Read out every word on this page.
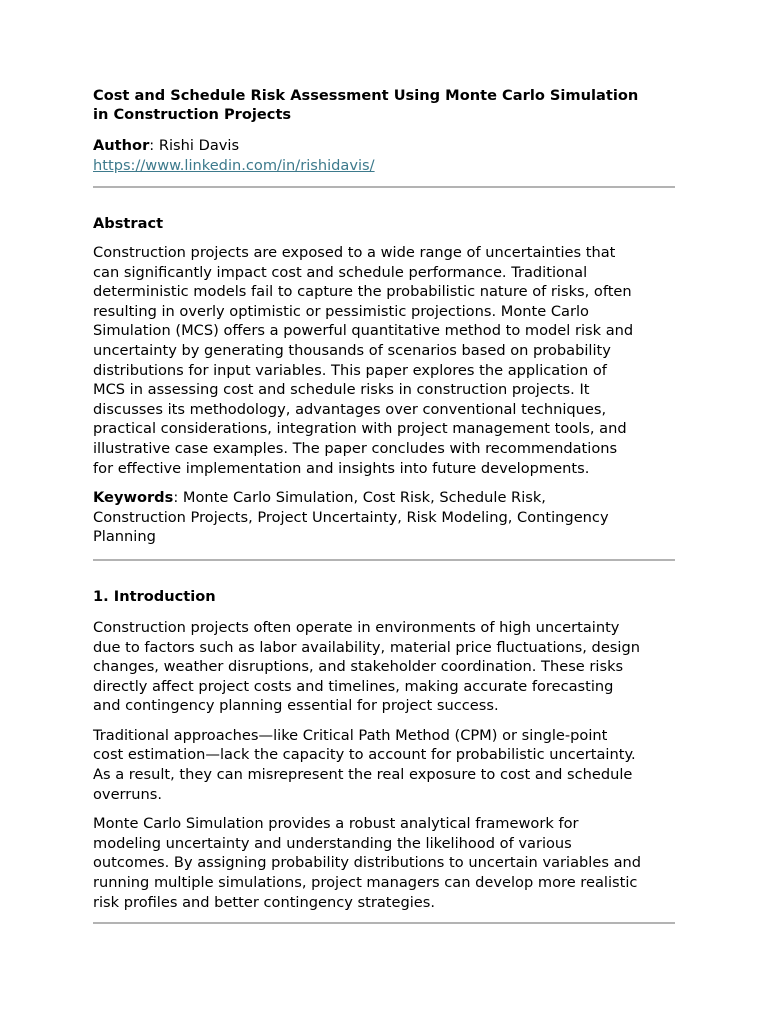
Cost and Schedule Risk Assessment Using Monte Carlo Simulation
in Construction Projects

Author: Rishi Davis

https://www.linkedin.com/in/rishidavis/

Abstract

Construction projects are exposed to a wide range of uncertainties that
can significantly impact cost and schedule performance. Traditional
deterministic models fail to capture the probabilistic nature of risks, often
resulting in overly optimistic or pessimistic projections. Monte Carlo
Simulation (MCS) offers a powerful quantitative method to model risk and
uncertainty by generating thousands of scenarios based on probability
distributions for input variables. This paper explores the application of
MCS in assessing cost and schedule risks in construction projects. It
discusses its methodology, advantages over conventional techniques,
practical considerations, integration with project management tools, and
illustrative case examples. The paper concludes with recommendations
for effective implementation and insights into future developments.

Keywords: Monte Carlo Simulation, Cost Risk, Schedule Risk,
Construction Projects, Project Uncertainty, Risk Modeling, Contingency
Planning

1. Introduction

Construction projects often operate in environments of high uncertainty
due to factors such as labor availability, material price fluctuations, design
changes, weather disruptions, and stakeholder coordination. These risks
directly affect project costs and timelines, making accurate forecasting
and contingency planning essential for project success.

Traditional approaches—like Critical Path Method (CPM) or single-point
cost estimation—lack the capacity to account for probabilistic uncertainty.
As a result, they can misrepresent the real exposure to cost and schedule
overruns.

Monte Carlo Simulation provides a robust analytical framework for
modeling uncertainty and understanding the likelihood of various
outcomes. By assigning probability distributions to uncertain variables and
running multiple simulations, project managers can develop more realistic
risk profiles and better contingency strategies.
